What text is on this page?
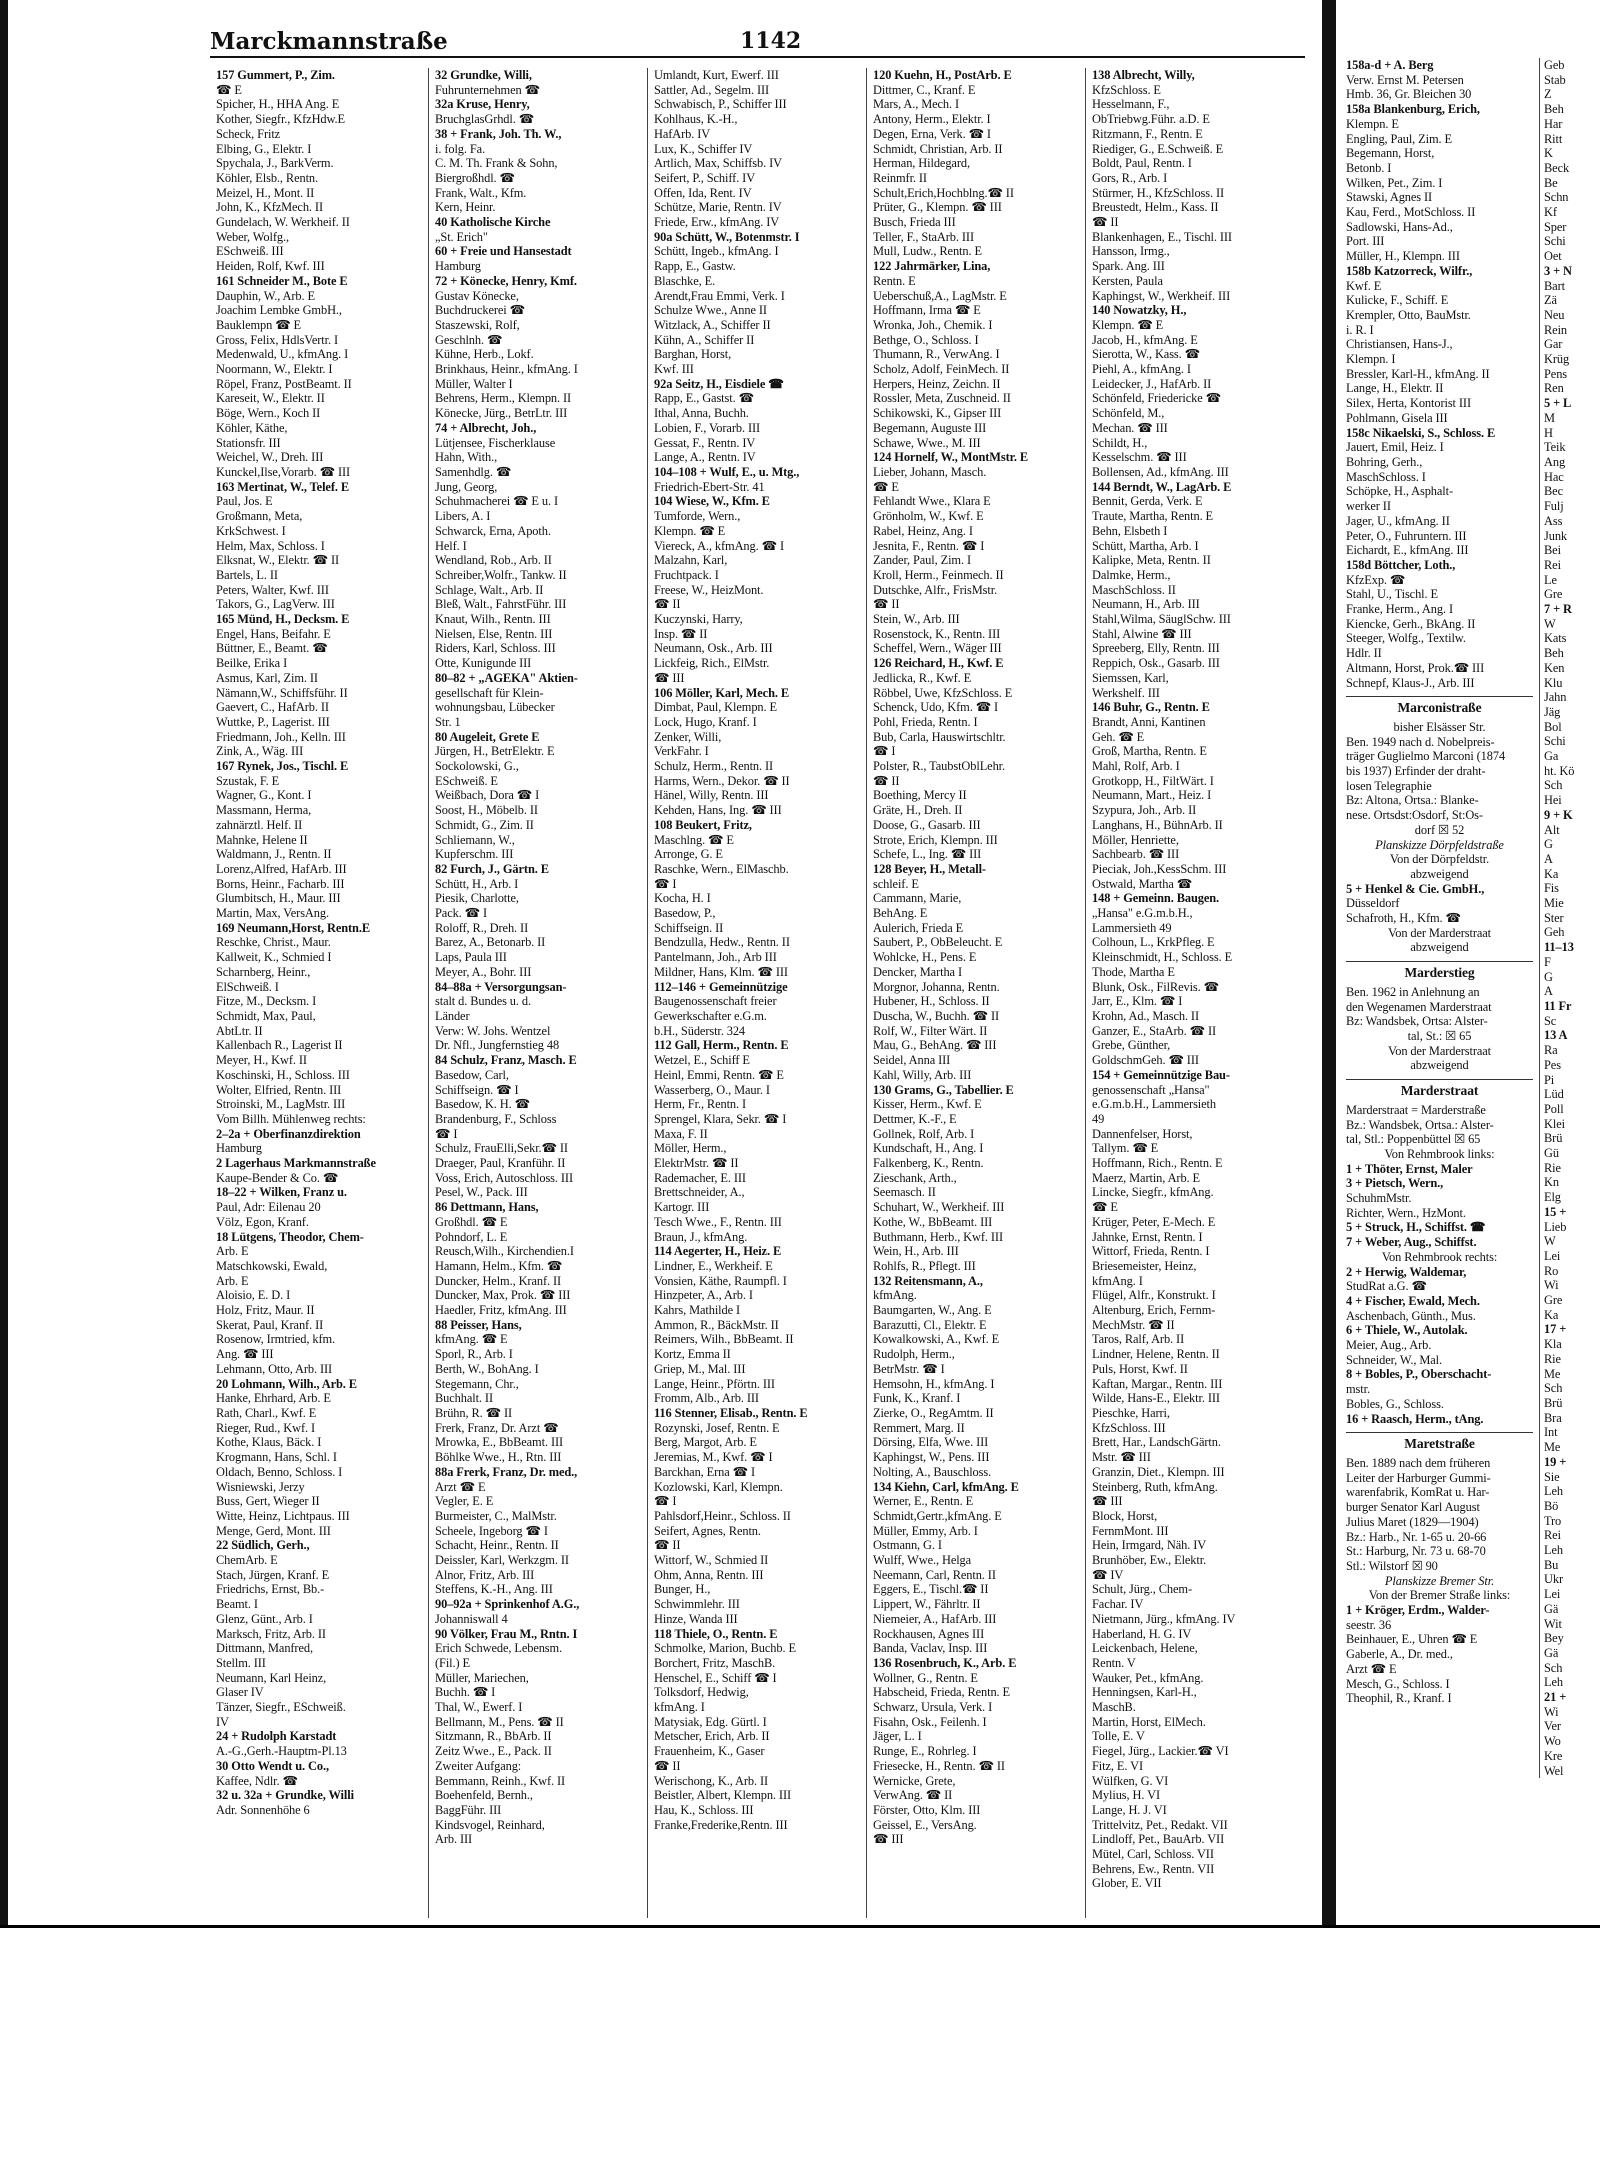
Marckmannstraße	1142
157 Gummert, P., Zim.
☎ E
Spicher, H., HHA Ang. E
Kother, Siegfr., KfzHdw.E
Scheck, Fritz
Elbing, G., Elektr. I
Spychala, J., BarkVerm.
Köhler, Elsb., Rentn.
Meizel, H., Mont. II
John, K., KfzMech. II
Gundelach, W. Werkheif. II
Weber, Wolfg.,
ESchweiß. III
Heiden, Rolf, Kwf. III
161 Schneider M., Bote E
Dauphin, W., Arb. E
Joachim Lembke GmbH.,
Bauklempn ☎ E
Gross, Felix, HdlsVertr. I
Medenwald, U., kfmAng. I
Noormann, W., Elektr. I
Röpel, Franz, PostBeamt. II
Kareseit, W., Elektr. II
Böge, Wern., Koch II
Köhler, Käthe,
Stationsfr. III
Weichel, W., Dreh. III
Kunckel,Ilse,Vorarb. ☎ III
163 Mertinat, W., Telef. E
Paul, Jos. E
Großmann, Meta,
KrkSchwest. I
Helm, Max, Schloss. I
Elksnat, W., Elektr. ☎ II
Bartels, L. II
Peters, Walter, Kwf. III
Takors, G., LagVerw. III
165 Münd, H., Decksm. E
Engel, Hans, Beifahr. E
Büttner, E., Beamt. ☎
Beilke, Erika I
Asmus, Karl, Zim. II
Nämann,W., Schiffsführ. II
Gaevert, C., HafArb. II
Wuttke, P., Lagerist. III
Friedmann, Joh., Kelln. III
Zink, A., Wäg. III
167 Rynek, Jos., Tischl. E
Szustak, F. E
Wagner, G., Kont. I
Massmann, Herma,
zahnärztl. Helf. II
Mahnke, Helene II
Waldmann, J., Rentn. II
Lorenz,Alfred, HafArb. III
Borns, Heinr., Facharb. III
Glumbitsch, H., Maur. III
Martin, Max, VersAng.
169 Neumann,Horst, Rentn.E
Reschke, Christ., Maur.
Kallweit, K., Schmied I
Scharnberg, Heinr.,
ElSchweiß. I
Fitze, M., Decksm. I
Schmidt, Max, Paul,
AbtLtr. II
Kallenbach R., Lagerist II
Meyer, H., Kwf. II
Koschinski, H., Schloss. III
Wolter, Elfried, Rentn. III
Stroinski, M., LagMstr. III
Vom Billh. Mühlenweg rechts:
2–2a + Oberfinanzdirektion
Hamburg
2 Lagerhaus Markmannstraße
Kaupe-Bender & Co. ☎
18–22 + Wilken, Franz u.
Paul, Adr: Eilenau 20
Völz, Egon, Kranf.
18 Lütgens, Theodor, Chem-
Arb. E
Matschkowski, Ewald,
Arb. E
Aloisio, E. D. I
Holz, Fritz, Maur. II
Skerat, Paul, Kranf. II
Rosenow, Irmtried, kfm.
Ang. ☎ III
Lehmann, Otto, Arb. III
20 Lohmann, Wilh., Arb. E
Hanke, Ehrhard, Arb. E
Rath, Charl., Kwf. E
Rieger, Rud., Kwf. I
Kothe, Klaus, Bäck. I
Krogmann, Hans, Schl. I
Oldach, Benno, Schloss. I
Wisniewski, Jerzy
Buss, Gert, Wieger II
Witte, Heinz, Lichtpaus. III
Menge, Gerd, Mont. III
22 Südlich, Gerh.,
ChemArb. E
Stach, Jürgen, Kranf. E
Friedrichs, Ernst, Bb.-
Beamt. I
Glenz, Günt., Arb. I
Marksch, Fritz, Arb. II
Dittmann, Manfred,
Stellm. III
Neumann, Karl Heinz,
Glaser IV
Tänzer, Siegfr., ESchweiß.
IV
24 + Rudolph Karstadt
A.-G.,Gerh.-Hauptm-Pl.13
30 Otto Wendt u. Co.,
Kaffee, Ndlr. ☎
32 u. 32a + Grundke, Willi
Adr. Sonnenhöhe 6
32 Grundke, Willi,
Fuhrunternehmen ☎
32a Kruse, Henry,
BruchglasGrhdl. ☎
38 + Frank, Joh. Th. W.,
i. folg. Fa.
C. M. Th. Frank & Sohn,
Biergroßhdl. ☎
Frank, Walt., Kfm.
Kern, Heinr.
40 Katholische Kirche
„St. Erich"
60 + Freie und Hansestadt
Hamburg
72 + Könecke, Henry, Kmf.
Gustav Könecke,
Buchdruckerei ☎
Staszewski, Rolf,
Geschlnh. ☎
Kühne, Herb., Lokf.
Brinkhaus, Heinr., kfmAng. I
Müller, Walter I
Behrens, Herm., Klempn. II
Könecke, Jürg., BetrLtr. III
74 + Albrecht, Joh.,
Lütjensee, Fischerklause
Hahn, With.,
Samenhdlg. ☎
Jung, Georg,
Schuhmacherei ☎ E u. I
Libers, A. I
Schwarck, Erna, Apoth.
Helf. I
Wendland, Rob., Arb. II
Schreiber,Wolfr., Tankw. II
Schlage, Walt., Arb. II
Bleß, Walt., FahrstFühr. III
Knaut, Wilh., Rentn. III
Nielsen, Else, Rentn. III
Riders, Karl, Schloss. III
Otte, Kunigunde III
80–82 + „AGEKA" Aktien-
gesellschaft für Klein-
wohnungsbau, Lübecker
Str. 1
80 Augeleit, Grete E
Jürgen, H., BetrElektr. E
Sockolowski, G.,
ESchweiß. E
Weißbach, Dora ☎ I
Soost, H., Möbelb. II
Schmidt, G., Zim. II
Schliemann, W.,
Kupferschm. III
82 Furch, J., Gärtn. E
Schütt, H., Arb. I
Piesik, Charlotte,
Pack. ☎ I
Roloff, R., Dreh. II
Barez, A., Betonarb. II
Laps, Paula III
Meyer, A., Bohr. III
84–88a + Versorgungsan-
stalt d. Bundes u. d.
Länder
Verw: W. Johs. Wentzel
Dr. Nfl., Jungfernstieg 48
84 Schulz, Franz, Masch. E
Basedow, Carl,
Schiffseign. ☎ I
Basedow, K. H. ☎
Brandenburg, F., Schloss
☎ I
Schulz, FrauElli,Sekr.☎ II
Draeger, Paul, Kranführ. II
Voss, Erich, Autoschloss. III
Pesel, W., Pack. III
86 Dettmann, Hans,
Großhdl. ☎ E
Pohndorf, L. E
Reusch,Wilh., Kirchendien.I
Hamann, Helm., Kfm. ☎
Duncker, Helm., Kranf. II
Duncker, Max, Prok. ☎ III
Haedler, Fritz, kfmAng. III
88 Peisser, Hans,
kfmAng. ☎ E
Sporl, R., Arb. I
Berth, W., BohAng. I
Stegemann, Chr.,
Buchhalt. II
Brühn, R. ☎ II
Frerk, Franz, Dr. Arzt ☎
Mrowka, E., BbBeamt. III
Böhlke Wwe., H., Rtn. III
88a Frerk, Franz, Dr. med.,
Arzt ☎ E
Vegler, E. E
Burmeister, C., MalMstr.
Scheele, Ingeborg ☎ I
Schacht, Heinr., Rentn. II
Deissler, Karl, Werkzgm. II
Alnor, Fritz, Arb. III
Steffens, K.-H., Ang. III
90–92a + Sprinkenhof A.G.,
Johanniswall 4
90 Völker, Frau M., Rntn. I
Erich Schwede, Lebensm.
(Fil.) E
Müller, Mariechen,
Buchh. ☎ I
Thal, W., Ewerf. I
Bellmann, M., Pens. ☎ II
Sitzmann, R., BbArb. II
Zeitz Wwe., E., Pack. II
Zweiter Aufgang:
Bemmann, Reinh., Kwf. II
Boehenfeld, Bernh.,
BaggFühr. III
Kindsvogel, Reinhard,
Arb. III
Umlandt, Kurt, Ewerf. III
Sattler, Ad., Segelm. III
Schwabisch, P., Schiffer III
Kohlhaus, K.-H.,
HafArb. IV
Lux, K., Schiffer IV
Artlich, Max, Schiffsb. IV
Seifert, P., Schiff. IV
Offen, Ida, Rent. IV
Schütze, Marie, Rentn. IV
Friede, Erw., kfmAng. IV
90a Schütt, W., Botenmstr. I
Schütt, Ingeb., kfmAng. I
Rapp, E., Gastw.
Blaschke, E.
Arendt,Frau Emmi, Verk. I
Schulze Wwe., Anne II
Witzlack, A., Schiffer II
Kühn, A., Schiffer II
Barghan, Horst,
Kwf. III
92a Seitz, H., Eisdiele ☎
Rapp, E., Gastst. ☎
Ithal, Anna, Buchh.
Lobien, F., Vorarb. III
Gessat, F., Rentn. IV
Lange, A., Rentn. IV
104–108 + Wulf, E., u. Mtg.,
Friedrich-Ebert-Str. 41
104 Wiese, W., Kfm. E
Tumforde, Wern.,
Klempn. ☎ E
Viereck, A., kfmAng. ☎ I
Malzahn, Karl,
Fruchtpack. I
Freese, W., HeizMont.
☎ II
Kuczynski, Harry,
Insp. ☎ II
Neumann, Osk., Arb. III
Lickfeig, Rich., ElMstr.
☎ III
106 Möller, Karl, Mech. E
Dimbat, Paul, Klempn. E
Lock, Hugo, Kranf. I
Zenker, Willi,
VerkFahr. I
Schulz, Herm., Rentn. II
Harms, Wern., Dekor. ☎ II
Hänel, Willy, Rentn. III
Kehden, Hans, Ing. ☎ III
108 Beukert, Fritz,
Maschlng. ☎ E
Arronge, G. E
Raschke, Wern., ElMaschb.
☎ I
Kocha, H. I
Basedow, P.,
Schiffseign. II
Bendzulla, Hedw., Rentn. II
Pantelmann, Joh., Arb III
Mildner, Hans, Klm. ☎ III
112–146 + Gemeinnützige
Baugenossenschaft freier
Gewerkschafter e.G.m.
b.H., Süderstr. 324
112 Gall, Herm., Rentn. E
Wetzel, E., Schiff E
Heinl, Emmi, Rentn. ☎ E
Wasserberg, O., Maur. I
Herm, Fr., Rentn. I
Sprengel, Klara, Sekr. ☎ I
Maxa, F. II
Möller, Herm.,
ElektrMstr. ☎ II
Rademacher, E. III
Brettschneider, A.,
Kartogr. III
Tesch Wwe., F., Rentn. III
Braun, J., kfmAng.
114 Aegerter, H., Heiz. E
Lindner, E., Werkheif. E
Vonsien, Käthe, Raumpfl. I
Hinzpeter, A., Arb. I
Kahrs, Mathilde I
Ammon, R., BäckMstr. II
Reimers, Wilh., BbBeamt. II
Kortz, Emma II
Griep, M., Mal. III
Lange, Heinr., Pförtn. III
Fromm, Alb., Arb. III
116 Stenner, Elisab., Rentn. E
Rozynski, Josef, Rentn. E
Berg, Margot, Arb. E
Jeremias, M., Kwf. ☎ I
Barckhan, Erna ☎ I
Kozlowski, Karl, Klempn.
☎ I
Pahlsdorf,Heinr., Schloss. II
Seifert, Agnes, Rentn.
☎ II
Wittorf, W., Schmied II
Ohm, Anna, Rentn. III
Bunger, H.,
Schwimmlehr. III
Hinze, Wanda III
118 Thiele, O., Rentn. E
Schmolke, Marion, Buchb. E
Borchert, Fritz, MaschB.
Henschel, E., Schiff ☎ I
Tolksdorf, Hedwig,
kfmAng. I
Matysiak, Edg. Gürtl. I
Metscher, Erich, Arb. II
Frauenheim, K., Gaser
☎ II
Werischong, K., Arb. II
Beistler, Albert, Klempn. III
Hau, K., Schloss. III
Franke,Frederike,Rentn. III
120 Kuehn, H., PostArb. E
Dittmer, C., Kranf. E
Mars, A., Mech. I
Antony, Herm., Elektr. I
Degen, Erna, Verk. ☎ I
Schmidt, Christian, Arb. II
Herman, Hildegard,
Reinmfr. II
Schult,Erich,Hochblng.☎ II
Prüter, G., Klempn. ☎ III
Busch, Frieda III
Teller, F., StaArb. III
Mull, Ludw., Rentn. E
122 Jahrmärker, Lina,
Rentn. E
Ueberschuß,A., LagMstr. E
Hoffmann, Irma ☎ E
Wronka, Joh., Chemik. I
Bethge, O., Schloss. I
Thumann, R., VerwAng. I
Scholz, Adolf, FeinMech. II
Herpers, Heinz, Zeichn. II
Rossler, Meta, Zuschneid. II
Schikowski, K., Gipser III
Begemann, Auguste III
Schawe, Wwe., M. III
124 Hornelf, W., MontMstr. E
Lieber, Johann, Masch.
☎ E
Fehlandt Wwe., Klara E
Grönholm, W., Kwf. E
Rabel, Heinz, Ang. I
Jesnita, F., Rentn. ☎ I
Zander, Paul, Zim. I
Kroll, Herm., Feinmech. II
Dutschke, Alfr., FrisMstr.
☎ II
Stein, W., Arb. III
Rosenstock, K., Rentn. III
Scheffel, Wern., Wäger III
126 Reichard, H., Kwf. E
Jedlicka, R., Kwf. E
Röbbel, Uwe, KfzSchloss. E
Schenck, Udo, Kfm. ☎ I
Pohl, Frieda, Rentn. I
Bub, Carla, Hauswirtschltr.
☎ I
Polster, R., TaubstOblLehr.
☎ II
Boething, Mercy II
Gräte, H., Dreh. II
Doose, G., Gasarb. III
Strote, Erich, Klempn. III
Schefe, L., Ing. ☎ III
128 Beyer, H., Metall-
schleif. E
Cammann, Marie,
BehAng. E
Aulerich, Frieda E
Saubert, P., ObBeleucht. E
Wohlcke, H., Pens. E
Dencker, Martha I
Morgnor, Johanna, Rentn.
Hubener, H., Schloss. II
Duscha, W., Buchh. ☎ II
Rolf, W., Filter Wärt. II
Mau, G., BehAng. ☎ III
Seidel, Anna III
Kahl, Willy, Arb. III
130 Grams, G., Tabellier. E
Kisser, Herm., Kwf. E
Dettmer, K.-F., E
Gollnek, Rolf, Arb. I
Kundschaft, H., Ang. I
Falkenberg, K., Rentn.
Zieschank, Arth.,
Seemasch. II
Schuhart, W., Werkheif. III
Kothe, W., BbBeamt. III
Buthmann, Herb., Kwf. III
Wein, H., Arb. III
Rohlfs, R., Pflegt. III
132 Reitensmann, A.,
kfmAng.
Baumgarten, W., Ang. E
Barazutti, Cl., Elektr. E
Kowalkowski, A., Kwf. E
Rudolph, Herm.,
BetrMstr. ☎ I
Hemsohn, H., kfmAng. I
Funk, K., Kranf. I
Zierke, O., RegAmtm. II
Remmert, Marg. II
Dörsing, Elfa, Wwe. III
Kaphingst, W., Pens. III
Nolting, A., Bauschloss.
134 Kiehn, Carl, kfmAng. E
Werner, E., Rentn. E
Schmidt,Gertr.,kfmAng. E
Müller, Emmy, Arb. I
Ostmann, G. I
Wulff, Wwe., Helga
Neemann, Carl, Rentn. II
Eggers, E., Tischl.☎ II
Lippert, W., Fährltr. II
Niemeier, A., HafArb. III
Rockhausen, Agnes III
Banda, Vaclav, Insp. III
136 Rosenbruch, K., Arb. E
Wollner, G., Rentn. E
Habscheid, Frieda, Rentn. E
Schwarz, Ursula, Verk. I
Fisahn, Osk., Feilenh. I
Jäger, L. I
Runge, E., Rohrleg. I
Friesecke, H., Rentn. ☎ II
Wernicke, Grete,
VerwAng. ☎ II
Förster, Otto, Klm. III
Geissel, E., VersAng.
☎ III
138 Albrecht, Willy,
KfzSchloss. E
Hesselmann, F.,
ObTriebwg.Führ. a.D. E
Ritzmann, F., Rentn. E
Riediger, G., E.Schweiß. E
Boldt, Paul, Rentn. I
Gors, R., Arb. I
Stürmer, H., KfzSchloss. II
Breustedt, Helm., Kass. II
☎ II
Blankenhagen, E., Tischl. III
Hansson, Irmg.,
Spark. Ang. III
Kersten, Paula
Kaphingst, W., Werkheif. III
140 Nowatzky, H.,
Klempn. ☎ E
Jacob, H., kfmAng. E
Sierotta, W., Kass. ☎
Piehl, A., kfmAng. I
Leidecker, J., HafArb. II
Schönfeld, Friedericke ☎
Schönfeld, M.,
Mechan. ☎ III
Schildt, H.,
Kesselschm. ☎ III
Bollensen, Ad., kfmAng. III
144 Berndt, W., LagArb. E
Bennit, Gerda, Verk. E
Traute, Martha, Rentn. E
Behn, Elsbeth I
Schütt, Martha, Arb. I
Kalipke, Meta, Rentn. II
Dalmke, Herm.,
MaschSchloss. II
Neumann, H., Arb. III
Stahl,Wilma, SäuglSchw. III
Stahl, Alwine ☎ III
Spreeberg, Elly, Rentn. III
Reppich, Osk., Gasarb. III
Siemssen, Karl,
Werkshelf. III
146 Buhr, G., Rentn. E
Brandt, Anni, Kantinen
Geh. ☎ E
Groß, Martha, Rentn. E
Mahl, Rolf, Arb. I
Grotkopp, H., FiltWärt. I
Neumann, Mart., Heiz. I
Szypura, Joh., Arb. II
Langhans, H., BühnArb. II
Möller, Henriette,
Sachbearb. ☎ III
Pieciak, Joh.,KessSchm. III
Ostwald, Martha ☎
148 + Gemeinn. Baugen.
„Hansa" e.G.m.b.H.,
Lammersieth 49
Colhoun, L., KrkPfleg. E
Kleinschmidt, H., Schloss. E
Thode, Martha E
Blunk, Osk., FilRevis. ☎
Jarr, E., Klm. ☎ I
Krohn, Ad., Masch. II
Ganzer, E., StaArb. ☎ II
Grebe, Günther,
GoldschmGeh. ☎ III
154 + Gemeinnützige Bau-
genossenschaft „Hansa"
e.G.m.b.H., Lammersieth
49
Dannenfelser, Horst,
Tallym. ☎ E
Hoffmann, Rich., Rentn. E
Maerz, Martin, Arb. E
Lincke, Siegfr., kfmAng.
☎ E
Krüger, Peter, E-Mech. E
Jahnke, Ernst, Rentn. I
Wittorf, Frieda, Rentn. I
Briesemeister, Heinz,
kfmAng. I
Flügel, Alfr., Konstrukt. I
Altenburg, Erich, Fernm-
MechMstr. ☎ II
Taros, Ralf, Arb. II
Lindner, Helene, Rentn. II
Puls, Horst, Kwf. II
Kaftan, Margar., Rentn. III
Wilde, Hans-E., Elektr. III
Pieschke, Harri,
KfzSchloss. III
Brett, Har., LandschGärtn.
Mstr. ☎ III
Granzin, Diet., Klempn. III
Steinberg, Ruth, kfmAng.
☎ III
Block, Horst,
FernmMont. III
Hein, Irmgard, Näh. IV
Brunhöber, Ew., Elektr.
☎ IV
Schult, Jürg., Chem-
Fachar. IV
Nietmann, Jürg., kfmAng. IV
Haberland, H. G. IV
Leickenbach, Helene,
Rentn. V
Wauker, Pet., kfmAng.
Henningsen, Karl-H.,
MaschB.
Martin, Horst, ElMech.
Tolle, E. V
Fiegel, Jürg., Lackier.☎ VI
Fitz, E. VI
Wülfken, G. VI
Mylius, H. VI
Lange, H. J. VI
Trittelvitz, Pet., Redakt. VII
Lindloff, Pet., BauArb. VII
Mütel, Carl, Schloss. VII
Behrens, Ew., Rentn. VII
Glober, E. VII
158a-d + A. Berg
Verw. Ernst M. Petersen
Hmb. 36, Gr. Bleichen 30
158a Blankenburg, Erich,
Klempn. E
Engling, Paul, Zim. E
Begemann, Horst,
Betonb. I
Wilken, Pet., Zim. I
Stawski, Agnes II
Kau, Ferd., MotSchloss. II
Sadlowski, Hans-Ad.,
Port. III
Müller, H., Klempn. III
158b Katzorreck, Wilfr.,
Kwf. E
Kulicke, F., Schiff. E
Krempler, Otto, BauMstr.
i. R. I
Christiansen, Hans-J.,
Klempn. I
Bressler, Karl-H., kfmAng. II
Lange, H., Elektr. II
Silex, Herta, Kontorist III
Pohlmann, Gisela III
158c Nikaelski, S., Schloss. E
Jauert, Emil, Heiz. I
Bohring, Gerh.,
MaschSchloss. I
Schöpke, H., Asphalt-
werker II
Jager, U., kfmAng. II
Peter, O., Fuhruntern. III
Eichardt, E., kfmAng. III
158d Böttcher, Loth.,
KfzExp. ☎
Stahl, U., Tischl. E
Franke, Herm., Ang. I
Kiencke, Gerh., BkAng. II
Steeger, Wolfg., Textilw.
Hdlr. II
Altmann, Horst, Prok.☎ III
Schnepf, Klaus-J., Arb. III
Marconistraße
bisher Elsässer Str.
Ben. 1949 nach d. Nobelpreis-
träger Guglielmo Marconi (1874
bis 1937) Erfinder der draht-
losen Telegraphie
Bz: Altona, Ortsa.: Blanke-
nese. Ortsdst:Osdorf, St:Os-
dorf ☒ 52
Planskizze Dörpfeldstraße
Von der Dörpfeldstr.
abzweigend
5 + Henkel & Cie. GmbH.,
Düsseldorf
Schafroth, H., Kfm. ☎
Von der Marderstraat
abzweigend
Marderstieg
Ben. 1962 in Anlehnung an
den Wegenamen Marderstraat
Bz: Wandsbek, Ortsa: Alster-
tal, St.: ☒ 65
Von der Marderstraat
abzweigend
Marderstraat
Marderstraat = Marderstraße
Bz.: Wandsbek, Ortsa.: Alster-
tal, Stl.: Poppenbüttel ☒ 65
Von Rehmbrook links:
1 + Thöter, Ernst, Maler
3 + Pietsch, Wern.,
SchuhmMstr.
Richter, Wern., HzMont.
5 + Struck, H., Schiffst. ☎
7 + Weber, Aug., Schiffst.
Von Rehmbrook rechts:
2 + Herwig, Waldemar,
StudRat a.G. ☎
4 + Fischer, Ewald, Mech.
Aschenbach, Günth., Mus.
6 + Thiele, W., Autolak.
Meier, Aug., Arb.
Schneider, W., Mal.
8 + Bobles, P., Oberschacht-
mstr.
Bobles, G., Schloss.
16 + Raasch, Herm., tAng.
Maretstraße
Ben. 1889 nach dem früheren
Leiter der Harburger Gummi-
warenfabrik, KomRat u. Har-
burger Senator Karl August
Julius Maret (1829—1904)
Bz.: Harb., Nr. 1-65 u. 20-66
St.: Harburg, Nr. 73 u. 68-70
Stl.: Wilstorf ☒ 90
Planskizze Bremer Str.
Von der Bremer Straße links:
1 + Kröger, Erdm., Walder-
seestr. 36
Beinhauer, E., Uhren ☎ E
Gaberle, A., Dr. med.,
Arzt ☎ E
Mesch, G., Schloss. I
Theophil, R., Kranf. I
Geb
Stab
Z
Beh
Har
Ritt
K
Beck
Be
Schn
Kf
Sper
Schi
Oet
3 + N
Bart
Zä
Neu
Rein
Gar
Krüg
Pens
Ren
5 + L
M
H
Teik
Ang
Hac
Bec
Fulj
Ass
Junk
Bei
Rei
Le
Gre
7 + R
W
Kats
Beh
Ken
Klu
Jahn
Jäg
Bol
Schi
Ga
ht. Kö
Sch
Hei
9 + K
Alt
G
A
Ka
Fis
Mie
Ster
Geh
11–13
F
G
A
11 Fr
Sc
13 A
Ra
Pes
Pi
Lüd
Poll
Klei
Brü
Gü
Rie
Kn
Elg
15 +
Lieb
W
Lei
Ro
Wi
Gre
Ka
17 +
Kla
Rie
Me
Sch
Brü
Bra
Int
Me
19 +
Sie
Leh
Bö
Tro
Rei
Leh
Bu
Ukr
Lei
Gä
Wit
Bey
Gä
Sch
Leh
21 +
Wi
Ver
Wo
Kre
Wel
